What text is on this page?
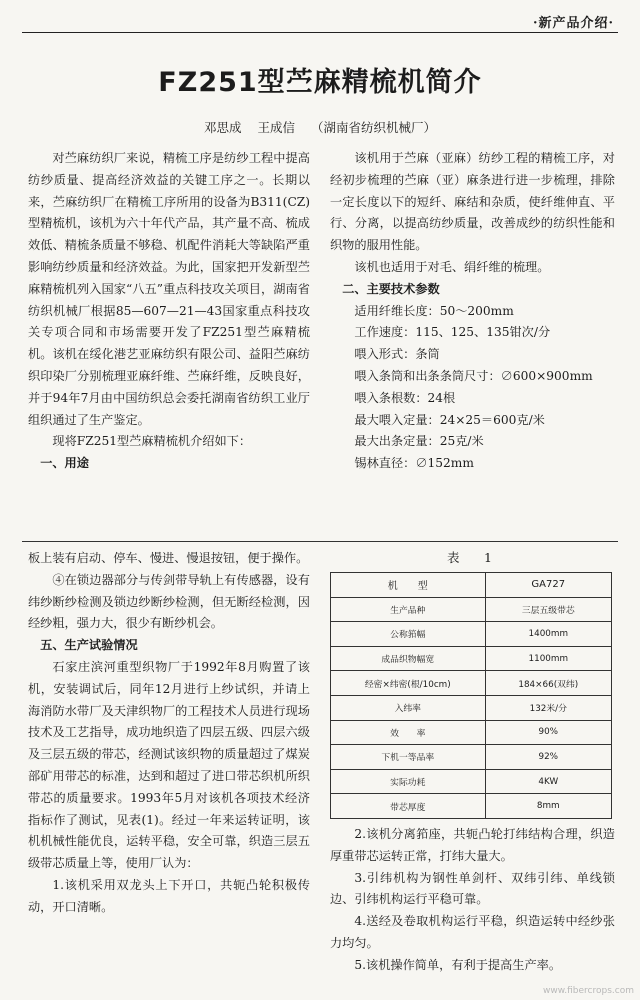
·新产品介绍·
FZ251型苎麻精梳机简介
邓思成 王成信 （湖南省纺织机械厂）

对苎麻纺织厂来说，精梳工序是纺纱工程中提高纺纱质量、提高经济效益的关键工序之一。长期以来，苎麻纺织厂在精梳工序所用的设备为B311(CZ)型精梳机，该机为六十年代产品，其产量不高、梳成效低、精梳条质量不够稳、机配件消耗大等缺陷严重影响纺纱质量和经济效益。为此，国家把开发新型苎麻精梳机列入国家“八五”重点科技攻关项目，湖南省纺织机械厂根据85—607—21—43国家重点科技攻关专项合同和市场需要开发了FZ251型苎麻精梳机。该机在绥化港艺亚麻纺织有限公司、益阳苎麻纺织印染厂分别梳理亚麻纤维、苎麻纤维，反映良好，并于94年7月由中国纺织总会委托湖南省纺织工业厅组织通过了生产鉴定。

现将FZ251型苎麻精梳机介绍如下：

一、用途

该机用于苎麻（亚麻）纺纱工程的精梳工序，对经初步梳理的苎麻（亚）麻条进行进一步梳理，排除一定长度以下的短纤、麻结和杂质，使纤维伸直、平行、分离，以提高纺纱质量，改善成纱的纺织性能和织物的服用性能。

该机也适用于对毛、绢纤维的梳理。

二、主要技术参数

适用纤维长度：50～200mm

工作速度：115、125、135钳次/分

喂入形式：条筒

喂入条筒和出条条筒尺寸：∅600×900mm

喂入条根数：24根

最大喂入定量：24×25＝600克/米

最大出条定量：25克/米

锡林直径：∅152mm

板上装有启动、停车、慢进、慢退按钮，便于操作。

④在锁边器部分与传剑带导轨上有传感器，设有纬纱断纱检测及锁边纱断纱检测，但无断经检测，因经纱粗，强力大，很少有断纱机会。

五、生产试验情况

石家庄滨河重型织物厂于1992年8月购置了该机，安装调试后，同年12月进行上纱试织，并请上海消防水带厂及天津织物厂的工程技术人员进行现场技术及工艺指导，成功地织造了四层五级、四层六级及三层五级的带芯，经测试该织物的质量超过了煤炭部矿用带芯的标准，达到和超过了进口带芯织机所织带芯的质量要求。1993年5月对该机各项技术经济指标作了测试，见表(1)。经过一年来运转证明，该机机械性能优良，运转平稳，安全可靠，织造三层五级带芯质量上等，使用厂认为：

1.该机采用双龙头上下开口，共轭凸轮积极传动，开口清晰。

表　1
机　　型	GA727
生产品种	三层五级带芯
公称筘幅	1400mm
成品织物幅宽	1100mm
经密×纬密(根/10cm)	184×66(双纬)
入纬率	132米/分
效　　率	90%
下机一等品率	92%
实际功耗	4KW
带芯厚度	8mm

2.该机分离筘座，共轭凸轮打纬结构合理，织造厚重带芯运转正常，打纬大量大。

3.引纬机构为钢性单剑杆、双纬引纬、单线锁边、引纬机构运行平稳可靠。

4.送经及卷取机构运行平稳，织造运转中经纱张力均匀。

5.该机操作简单，有利于提高生产率。

www.fibercrops.com
